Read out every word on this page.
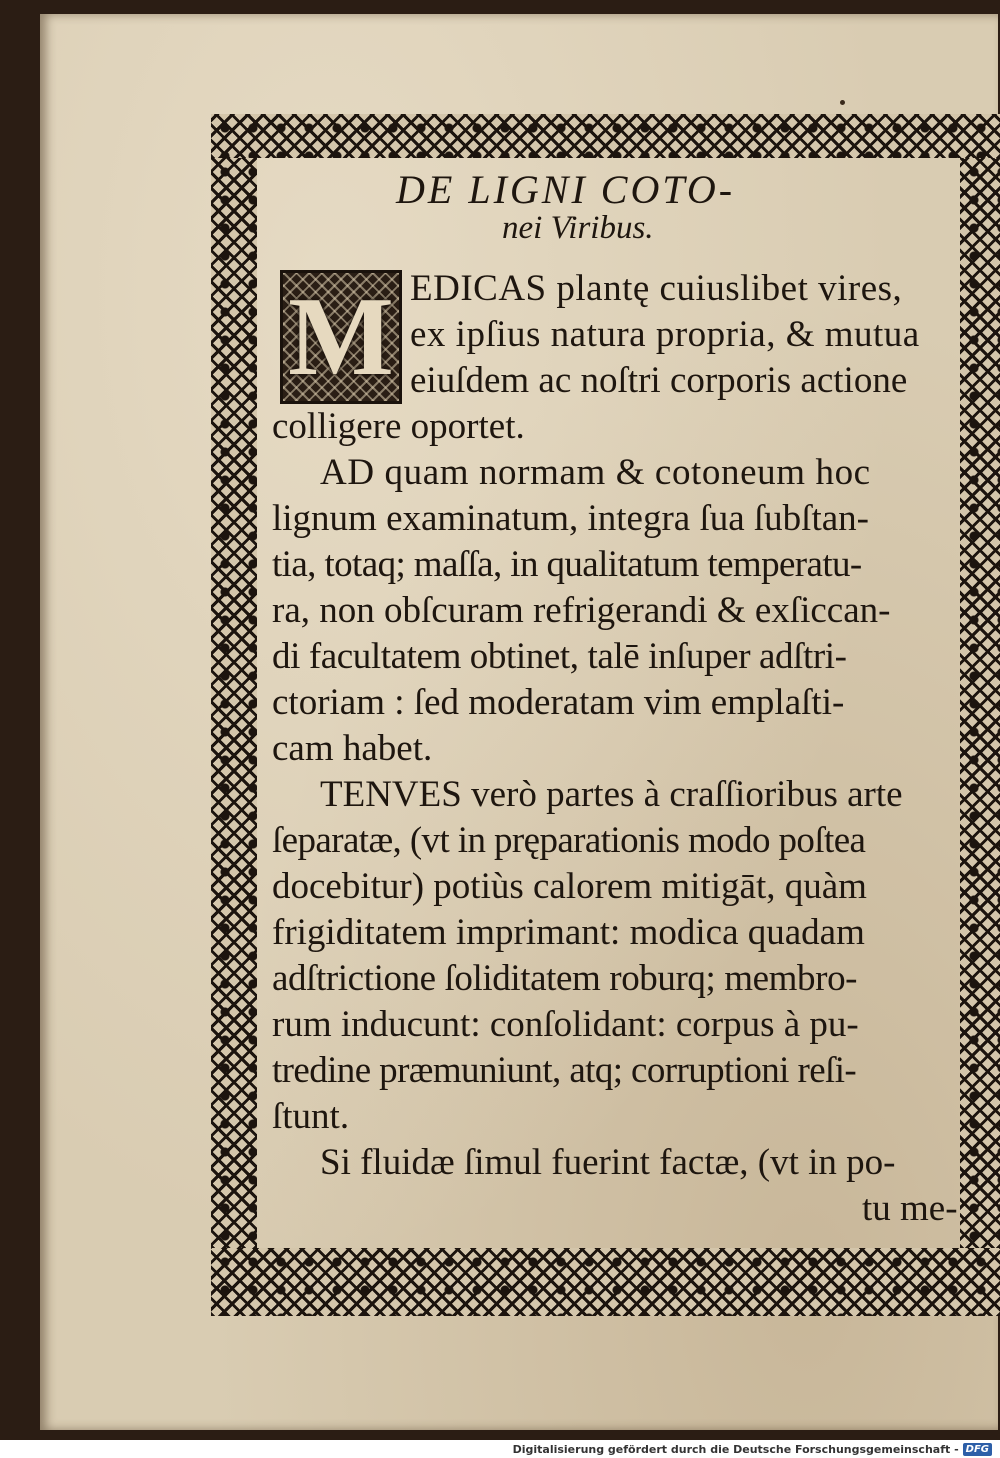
DE LIGNI COTO-
nei Viribus.
M EDICAS plantę cuiuslibet vires,
ex ipſius natura propria, & mutua
eiuſdem ac noſtri corporis actione
colligere oportet.
AD quam normam & cotoneum hoc
lignum examinatum, integra ſua ſubſtan-
tia, totaq; maſſa, in qualitatum temperatu-
ra, non obſcuram refrigerandi & exſiccan-
di facultatem obtinet, talē inſuper adſtri-
ctoriam : ſed moderatam vim emplaſti-
cam habet.
TENVES verò partes à craſſioribus arte
ſeparatæ, (vt in pręparationis modo poſtea
docebitur) potiùs calorem mitigāt, quàm
frigiditatem imprimant: modica quadam
adſtrictione ſoliditatem roburq; membro-
rum inducunt: conſolidant: corpus à pu-
tredine præmuniunt, atq; corruptioni reſi-
ſtunt.
Si fluidæ ſimul fuerint factæ, (vt in po-
tu me-
Digitalisierung gefördert durch die Deutsche Forschungsgemeinschaft - DFG
